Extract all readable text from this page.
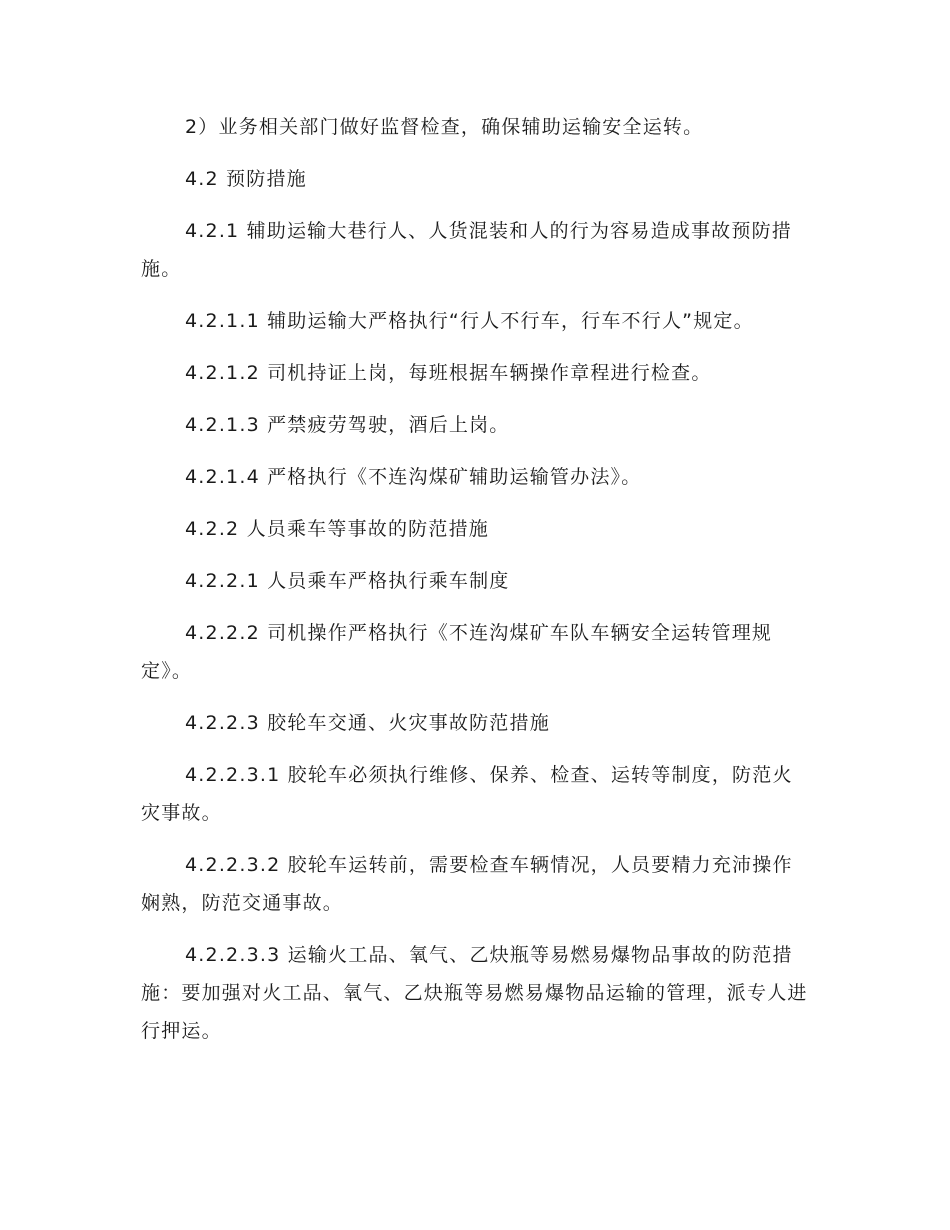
2）业务相关部门做好监督检查，确保辅助运输安全运转。

4.2 预防措施

4.2.1 辅助运输大巷行人、人货混装和人的行为容易造成事故预防措施。

4.2.1.1 辅助运输大严格执行“行人不行车，行车不行人”规定。

4.2.1.2 司机持证上岗，每班根据车辆操作章程进行检查。

4.2.1.3 严禁疲劳驾驶，酒后上岗。

4.2.1.4 严格执行《不连沟煤矿辅助运输管办法》。

4.2.2 人员乘车等事故的防范措施

4.2.2.1 人员乘车严格执行乘车制度

4.2.2.2 司机操作严格执行《不连沟煤矿车队车辆安全运转管理规定》。

4.2.2.3 胶轮车交通、火灾事故防范措施

4.2.2.3.1 胶轮车必须执行维修、保养、检查、运转等制度，防范火灾事故。

4.2.2.3.2 胶轮车运转前，需要检查车辆情况，人员要精力充沛操作娴熟，防范交通事故。

4.2.2.3.3 运输火工品、氧气、乙炔瓶等易燃易爆物品事故的防范措施：要加强对火工品、氧气、乙炔瓶等易燃易爆物品运输的管理，派专人进行押运。
